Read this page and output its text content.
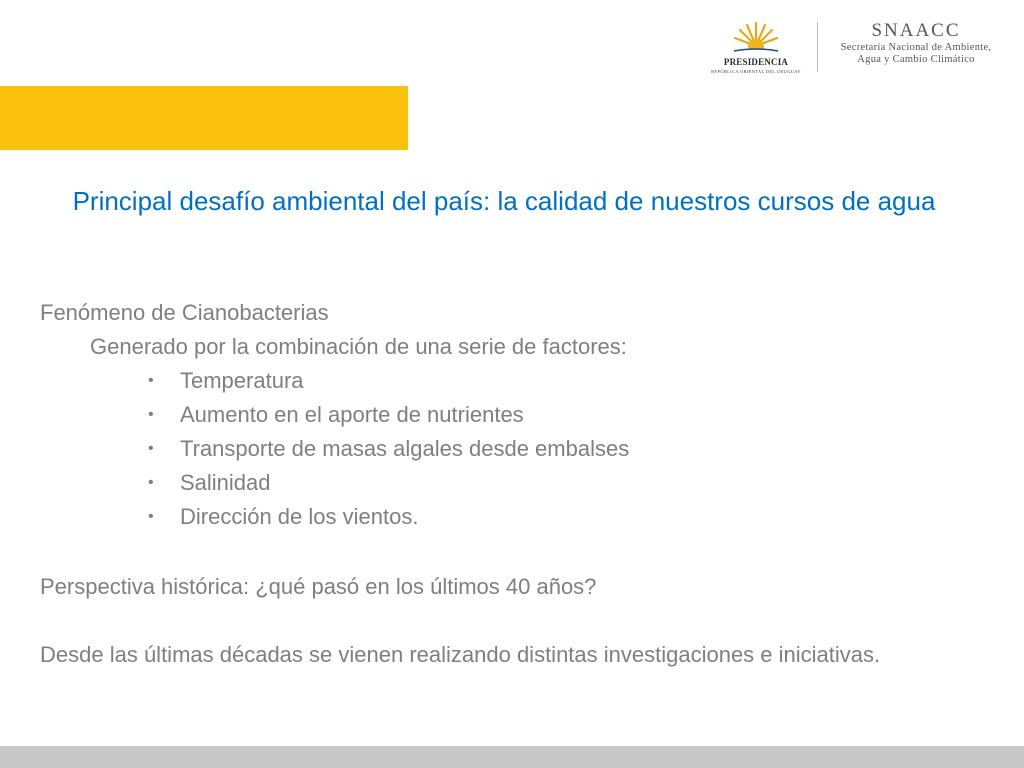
PRESIDENCIA
REPÚBLICA ORIENTAL DEL URUGUAY
SNAACC
Secretaría Nacional de Ambiente,
Agua y Cambio Climático
Principal desafío ambiental del país: la calidad de nuestros cursos de agua
Fenómeno de Cianobacterias
Generado por la combinación de una serie de factores:
• Temperatura
• Aumento en el aporte de nutrientes
• Transporte de masas algales desde embalses
• Salinidad
• Dirección de los vientos.
Perspectiva histórica: ¿qué pasó en los últimos 40 años?

Desde las últimas décadas se vienen realizando distintas investigaciones e iniciativas.
